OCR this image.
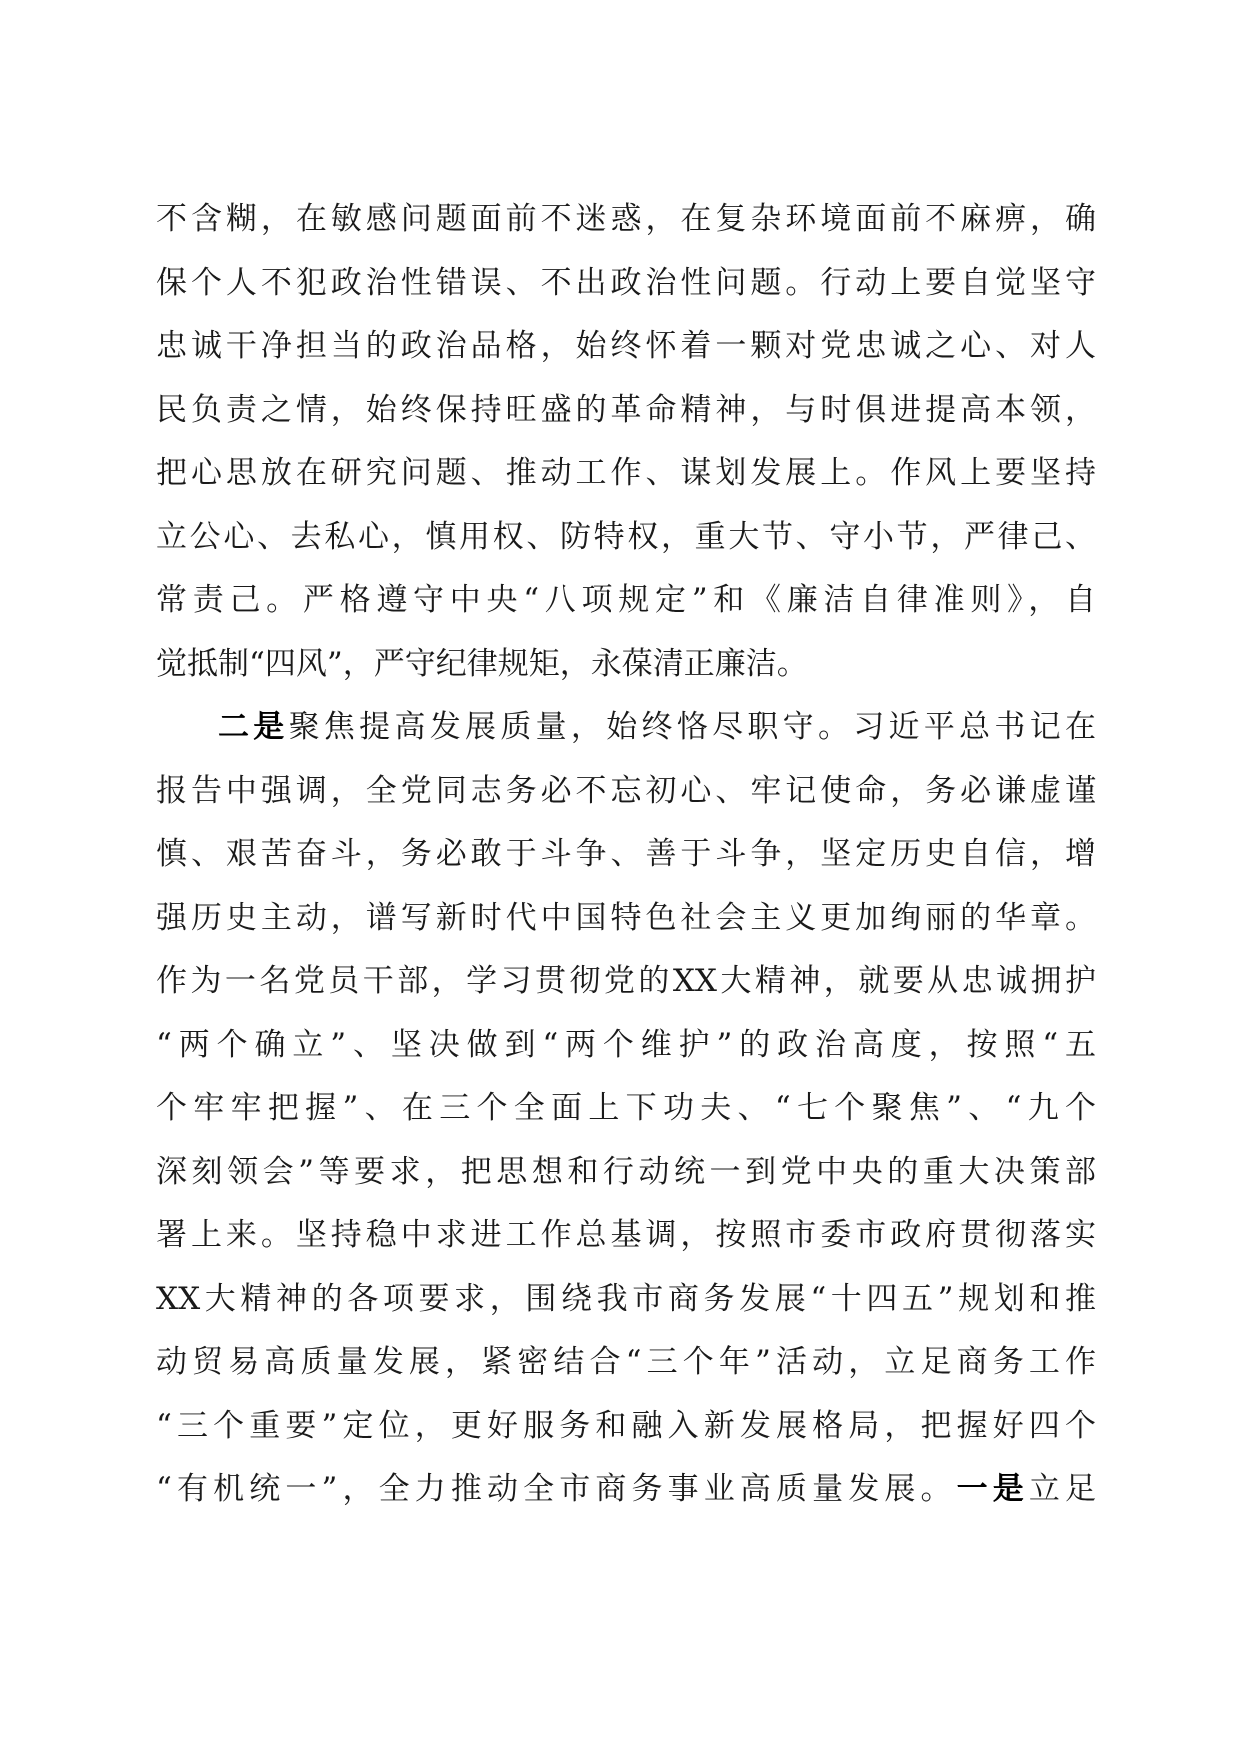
不含糊，在敏感问题面前不迷惑，在复杂环境面前不麻痹，确
保个人不犯政治性错误、不出政治性问题。行动上要自觉坚守
忠诚干净担当的政治品格，始终怀着一颗对党忠诚之心、对人
民负责之情，始终保持旺盛的革命精神，与时俱进提高本领，
把心思放在研究问题、推动工作、谋划发展上。作风上要坚持
立公心、去私心，慎用权、防特权，重大节、守小节，严律己、
常责己。严格遵守中央“八项规定”和《廉洁自律准则》，自
觉抵制“四风”，严守纪律规矩，永葆清正廉洁。
二是聚焦提高发展质量，始终恪尽职守。习近平总书记在
报告中强调，全党同志务必不忘初心、牢记使命，务必谦虚谨
慎、艰苦奋斗，务必敢于斗争、善于斗争，坚定历史自信，增
强历史主动，谱写新时代中国特色社会主义更加绚丽的华章。
作为一名党员干部，学习贯彻党的XX大精神，就要从忠诚拥护
“两个确立”、坚决做到“两个维护”的政治高度，按照“五
个牢牢把握”、在三个全面上下功夫、“七个聚焦”、“九个
深刻领会”等要求，把思想和行动统一到党中央的重大决策部
署上来。坚持稳中求进工作总基调，按照市委市政府贯彻落实
XX大精神的各项要求，围绕我市商务发展“十四五”规划和推
动贸易高质量发展，紧密结合“三个年”活动，立足商务工作
“三个重要”定位，更好服务和融入新发展格局，把握好四个
“有机统一”，全力推动全市商务事业高质量发展。一是立足
